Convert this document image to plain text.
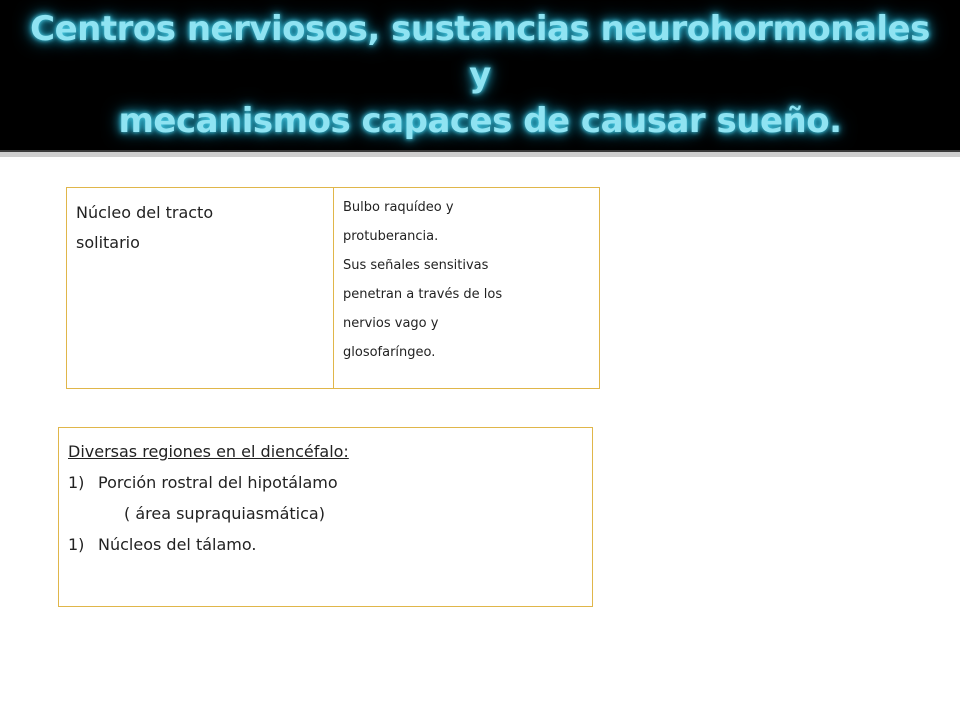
Centros nerviosos, sustancias neurohormonales y
mecanismos capaces de causar sueño.
Núcleo del tracto
solitario
Bulbo raquídeo y
protuberancia.
Sus señales sensitivas
penetran a través de los
nervios vago y
glosofaríngeo.
Diversas regiones en el diencéfalo:
1) Porción rostral del hipotálamo
( área supraquiasmática)
1) Núcleos del tálamo.
